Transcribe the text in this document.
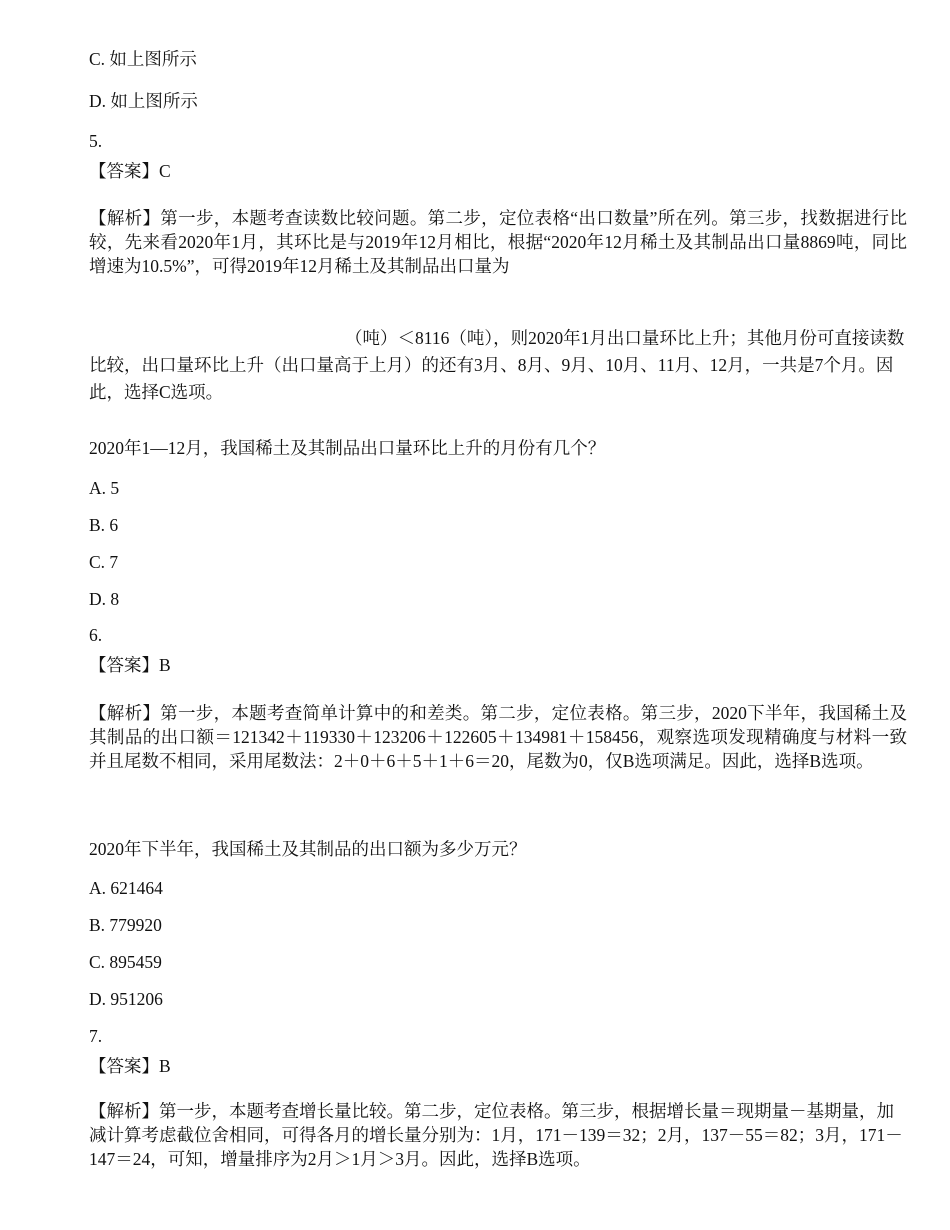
C. 如上图所示
D. 如上图所示
5.
【答案】C
【解析】第一步，本题考查读数比较问题。第二步，定位表格“出口数量”所在列。第三步，找数据进行比较，先来看2020年1月，其环比是与2019年12月相比，根据“2020年12月稀土及其制品出口量8869吨，同比增速为10.5%”，可得2019年12月稀土及其制品出口量为
（吨）＜8116（吨），则2020年1月出口量环比上升；其他月份可直接读数比较，出口量环比上升（出口量高于上月）的还有3月、8月、9月、10月、11月、12月，一共是7个月。因此，选择C选项。
2020年1—12月，我国稀土及其制品出口量环比上升的月份有几个？
A. 5
B. 6
C. 7
D. 8
6.
【答案】B
【解析】第一步，本题考查简单计算中的和差类。第二步，定位表格。第三步，2020下半年，我国稀土及其制品的出口额＝121342＋119330＋123206＋122605＋134981＋158456，观察选项发现精确度与材料一致并且尾数不相同，采用尾数法：2＋0＋6＋5＋1＋6＝20，尾数为0，仅B选项满足。因此，选择B选项。
2020年下半年，我国稀土及其制品的出口额为多少万元？
A. 621464
B. 779920
C. 895459
D. 951206
7.
【答案】B
【解析】第一步，本题考查增长量比较。第二步，定位表格。第三步，根据增长量＝现期量－基期量，加减计算考虑截位舍相同，可得各月的增长量分别为：1月，171－139＝32；2月，137－55＝82；3月，171－147＝24，可知，增量排序为2月＞1月＞3月。因此，选择B选项。
